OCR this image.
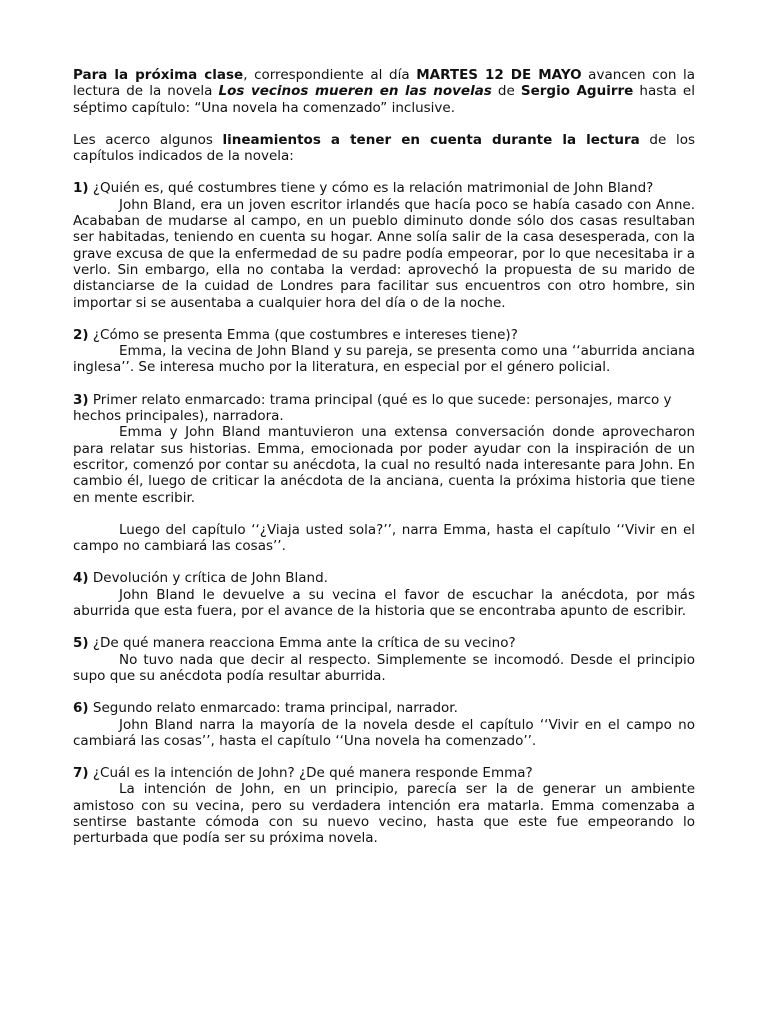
Para la próxima clase, correspondiente al día MARTES 12 DE MAYO avancen con la lectura de la novela Los vecinos mueren en las novelas de Sergio Aguirre hasta el séptimo capítulo: “Una novela ha comenzado” inclusive.

Les acerco algunos lineamientos a tener en cuenta durante la lectura de los capítulos indicados de la novela:

1) ¿Quién es, qué costumbres tiene y cómo es la relación matrimonial de John Bland?

John Bland, era un joven escritor irlandés que hacía poco se había casado con Anne. Acababan de mudarse al campo, en un pueblo diminuto donde sólo dos casas resultaban ser habitadas, teniendo en cuenta su hogar. Anne solía salir de la casa desesperada, con la grave excusa de que la enfermedad de su padre podía empeorar, por lo que necesitaba ir a verlo. Sin embargo, ella no contaba la verdad: aprovechó la propuesta de su marido de distanciarse de la cuidad de Londres para facilitar sus encuentros con otro hombre, sin importar si se ausentaba a cualquier hora del día o de la noche.

2) ¿Cómo se presenta Emma (que costumbres e intereses tiene)?

Emma, la vecina de John Bland y su pareja, se presenta como una ‘‘aburrida anciana inglesa’’. Se interesa mucho por la literatura, en especial por el género policial.

3) Primer relato enmarcado: trama principal (qué es lo que sucede: personajes, marco y hechos principales), narradora.

Emma y John Bland mantuvieron una extensa conversación donde aprovecharon para relatar sus historias. Emma, emocionada por poder ayudar con la inspiración de un escritor, comenzó por contar su anécdota, la cual no resultó nada interesante para John. En cambio él, luego de criticar la anécdota de la anciana, cuenta la próxima historia que tiene en mente escribir.

Luego del capítulo ‘‘¿Viaja usted sola?’’, narra Emma, hasta el capítulo ‘‘Vivir en el campo no cambiará las cosas’’.

4) Devolución y crítica de John Bland.

John Bland le devuelve a su vecina el favor de escuchar la anécdota, por más aburrida que esta fuera, por el avance de la historia que se encontraba apunto de escribir.

5) ¿De qué manera reacciona Emma ante la crítica de su vecino?

No tuvo nada que decir al respecto. Simplemente se incomodó. Desde el principio supo que su anécdota podía resultar aburrida.

6) Segundo relato enmarcado: trama principal, narrador.

John Bland narra la mayoría de la novela desde el capítulo ‘‘Vivir en el campo no cambiará las cosas’’, hasta el capítulo ‘‘Una novela ha comenzado’’.

7) ¿Cuál es la intención de John? ¿De qué manera responde Emma?

La intención de John, en un principio, parecía ser la de generar un ambiente amistoso con su vecina, pero su verdadera intención era matarla. Emma comenzaba a sentirse bastante cómoda con su nuevo vecino, hasta que este fue empeorando lo perturbada que podía ser su próxima novela.
